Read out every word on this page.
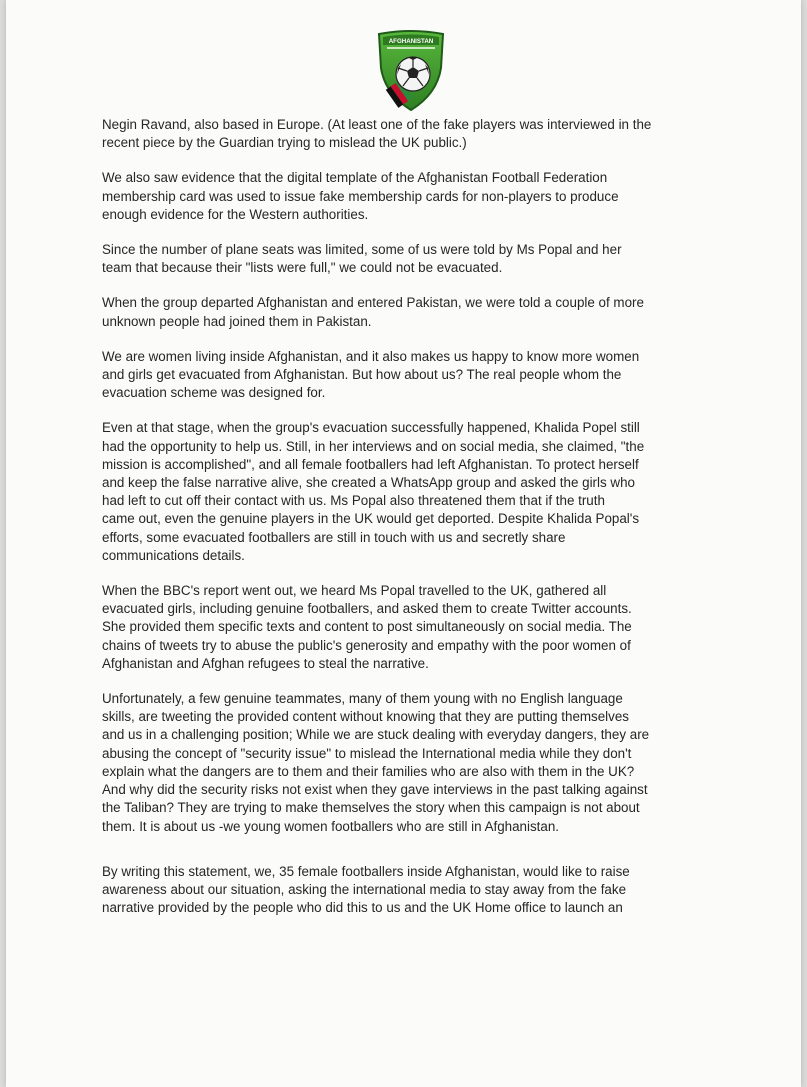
AFGHANISTAN
Negin Ravand, also based in Europe. (At least one of the fake players was interviewed in the
recent piece by the Guardian trying to mislead the UK public.)
We also saw evidence that the digital template of the Afghanistan Football Federation
membership card was used to issue fake membership cards for non-players to produce
enough evidence for the Western authorities.
Since the number of plane seats was limited, some of us were told by Ms Popal and her
team that because their "lists were full," we could not be evacuated.
When the group departed Afghanistan and entered Pakistan, we were told a couple of more
unknown people had joined them in Pakistan.
We are women living inside Afghanistan, and it also makes us happy to know more women
and girls get evacuated from Afghanistan. But how about us? The real people whom the
evacuation scheme was designed for.
Even at that stage, when the group's evacuation successfully happened, Khalida Popel still
had the opportunity to help us. Still, in her interviews and on social media, she claimed, "the
mission is accomplished", and all female footballers had left Afghanistan. To protect herself
and keep the false narrative alive, she created a WhatsApp group and asked the girls who
had left to cut off their contact with us. Ms Popal also threatened them that if the truth
came out, even the genuine players in the UK would get deported. Despite Khalida Popal's
efforts, some evacuated footballers are still in touch with us and secretly share
communications details.
When the BBC's report went out, we heard Ms Popal travelled to the UK, gathered all
evacuated girls, including genuine footballers, and asked them to create Twitter accounts.
She provided them specific texts and content to post simultaneously on social media. The
chains of tweets try to abuse the public's generosity and empathy with the poor women of
Afghanistan and Afghan refugees to steal the narrative.
Unfortunately, a few genuine teammates, many of them young with no English language
skills, are tweeting the provided content without knowing that they are putting themselves
and us in a challenging position; While we are stuck dealing with everyday dangers, they are
abusing the concept of "security issue" to mislead the International media while they don't
explain what the dangers are to them and their families who are also with them in the UK?
And why did the security risks not exist when they gave interviews in the past talking against
the Taliban? They are trying to make themselves the story when this campaign is not about
them. It is about us -we young women footballers who are still in Afghanistan.
By writing this statement, we, 35 female footballers inside Afghanistan, would like to raise
awareness about our situation, asking the international media to stay away from the fake
narrative provided by the people who did this to us and the UK Home office to launch an
